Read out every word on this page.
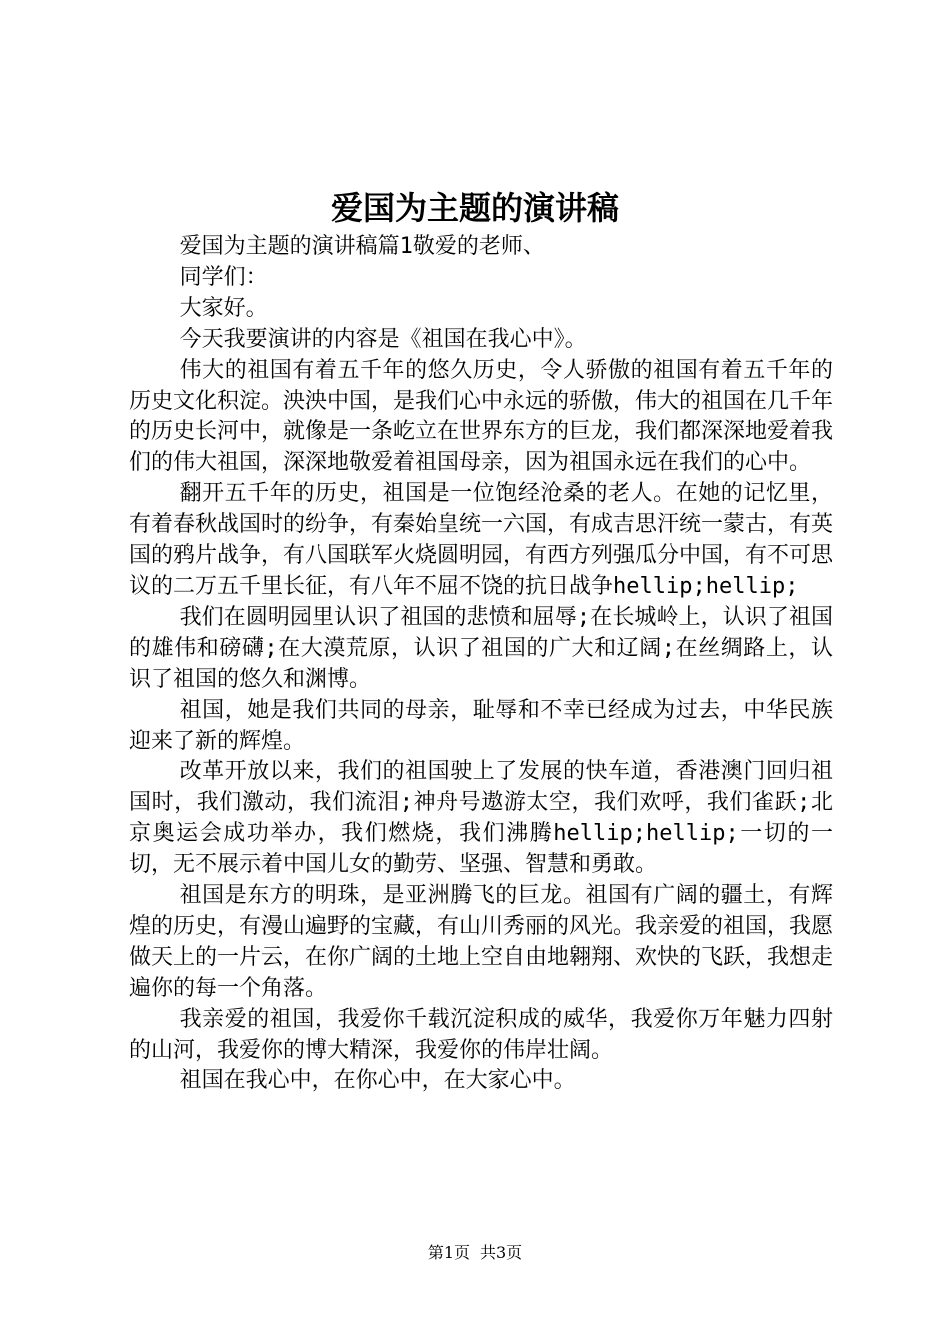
爱国为主题的演讲稿

爱国为主题的演讲稿篇1敬爱的老师、

同学们：

大家好。

今天我要演讲的内容是《祖国在我心中》。

伟大的祖国有着五千年的悠久历史，令人骄傲的祖国有着五千年的历史文化积淀。泱泱中国，是我们心中永远的骄傲，伟大的祖国在几千年的历史长河中，就像是一条屹立在世界东方的巨龙，我们都深深地爱着我们的伟大祖国，深深地敬爱着祖国母亲，因为祖国永远在我们的心中。

翻开五千年的历史，祖国是一位饱经沧桑的老人。在她的记忆里，有着春秋战国时的纷争，有秦始皇统一六国，有成吉思汗统一蒙古，有英国的鸦片战争，有八国联军火烧圆明园，有西方列强瓜分中国，有不可思议的二万五千里长征，有八年不屈不饶的抗日战争hellip;hellip;

我们在圆明园里认识了祖国的悲愤和屈辱;在长城岭上，认识了祖国的雄伟和磅礴;在大漠荒原，认识了祖国的广大和辽阔;在丝绸路上，认识了祖国的悠久和渊博。

祖国，她是我们共同的母亲，耻辱和不幸已经成为过去，中华民族迎来了新的辉煌。

改革开放以来，我们的祖国驶上了发展的快车道，香港澳门回归祖国时，我们激动，我们流泪;神舟号遨游太空，我们欢呼，我们雀跃;北京奥运会成功举办，我们燃烧，我们沸腾hellip;hellip;一切的一切，无不展示着中国儿女的勤劳、坚强、智慧和勇敢。

祖国是东方的明珠，是亚洲腾飞的巨龙。祖国有广阔的疆土，有辉煌的历史，有漫山遍野的宝藏，有山川秀丽的风光。我亲爱的祖国，我愿做天上的一片云，在你广阔的土地上空自由地翱翔、欢快的飞跃，我想走遍你的每一个角落。

我亲爱的祖国，我爱你千载沉淀积成的威华，我爱你万年魅力四射的山河，我爱你的博大精深，我爱你的伟岸壮阔。

祖国在我心中，在你心中，在大家心中。

第1页 共3页
